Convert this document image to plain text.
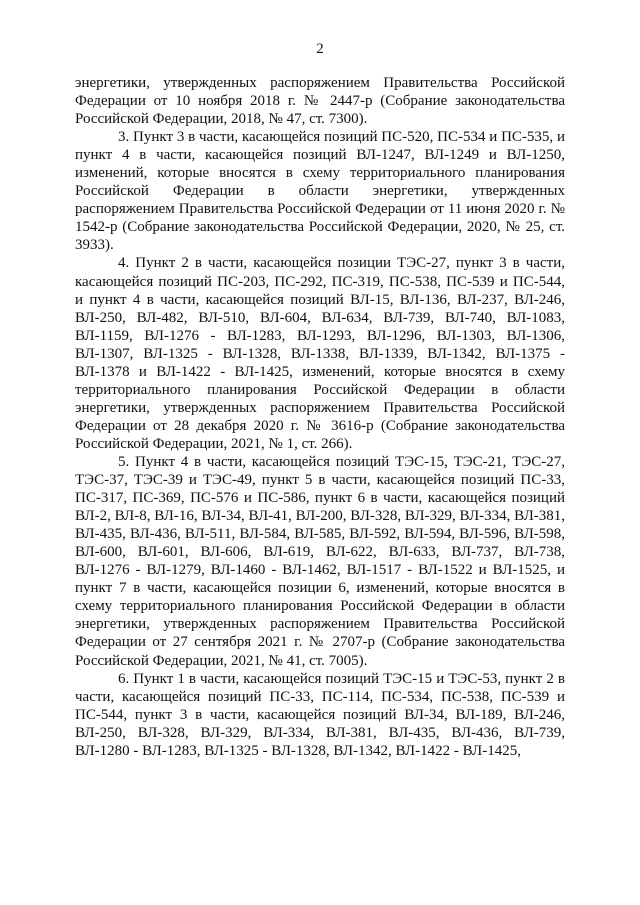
2

энергетики, утвержденных распоряжением Правительства Российской Федерации от 10 ноября 2018 г. № 2447-р (Собрание законодательства Российской Федерации, 2018, № 47, ст. 7300).

3. Пункт 3 в части, касающейся позиций ПС-520, ПС-534 и ПС-535, и пункт 4 в части, касающейся позиций ВЛ-1247, ВЛ-1249 и ВЛ-1250, изменений, которые вносятся в схему территориального планирования Российской Федерации в области энергетики, утвержденных распоряжением Правительства Российской Федерации от 11 июня 2020 г. № 1542-р (Собрание законодательства Российской Федерации, 2020, № 25, ст. 3933).

4. Пункт 2 в части, касающейся позиции ТЭС-27, пункт 3 в части, касающейся позиций ПС-203, ПС-292, ПС-319, ПС-538, ПС-539 и ПС-544, и пункт 4 в части, касающейся позиций ВЛ-15, ВЛ-136, ВЛ-237, ВЛ-246, ВЛ-250, ВЛ-482, ВЛ-510, ВЛ-604, ВЛ-634, ВЛ-739, ВЛ-740, ВЛ-1083, ВЛ-1159, ВЛ-1276 - ВЛ-1283, ВЛ-1293, ВЛ-1296, ВЛ-1303, ВЛ-1306, ВЛ-1307, ВЛ-1325 - ВЛ-1328, ВЛ-1338, ВЛ-1339, ВЛ-1342, ВЛ-1375 - ВЛ-1378 и ВЛ-1422 - ВЛ-1425, изменений, которые вносятся в схему территориального планирования Российской Федерации в области энергетики, утвержденных распоряжением Правительства Российской Федерации от 28 декабря 2020 г. № 3616-р (Собрание законодательства Российской Федерации, 2021, № 1, ст. 266).

5. Пункт 4 в части, касающейся позиций ТЭС-15, ТЭС-21, ТЭС-27, ТЭС-37, ТЭС-39 и ТЭС-49, пункт 5 в части, касающейся позиций ПС-33, ПС-317, ПС-369, ПС-576 и ПС-586, пункт 6 в части, касающейся позиций ВЛ-2, ВЛ-8, ВЛ-16, ВЛ-34, ВЛ-41, ВЛ-200, ВЛ-328, ВЛ-329, ВЛ-334, ВЛ-381, ВЛ-435, ВЛ-436, ВЛ-511, ВЛ-584, ВЛ-585, ВЛ-592, ВЛ-594, ВЛ-596, ВЛ-598, ВЛ-600, ВЛ-601, ВЛ-606, ВЛ-619, ВЛ-622, ВЛ-633, ВЛ-737, ВЛ-738, ВЛ-1276 - ВЛ-1279, ВЛ-1460 - ВЛ-1462, ВЛ-1517 - ВЛ-1522 и ВЛ-1525, и пункт 7 в части, касающейся позиции 6, изменений, которые вносятся в схему территориального планирования Российской Федерации в области энергетики, утвержденных распоряжением Правительства Российской Федерации от 27 сентября 2021 г. № 2707-р (Собрание законодательства Российской Федерации, 2021, № 41, ст. 7005).

6. Пункт 1 в части, касающейся позиций ТЭС-15 и ТЭС-53, пункт 2 в части, касающейся позиций ПС-33, ПС-114, ПС-534, ПС-538, ПС-539 и ПС-544, пункт 3 в части, касающейся позиций ВЛ-34, ВЛ-189, ВЛ-246, ВЛ-250, ВЛ-328, ВЛ-329, ВЛ-334, ВЛ-381, ВЛ-435, ВЛ-436, ВЛ-739, ВЛ-1280 - ВЛ-1283, ВЛ-1325 - ВЛ-1328, ВЛ-1342, ВЛ-1422 - ВЛ-1425,
